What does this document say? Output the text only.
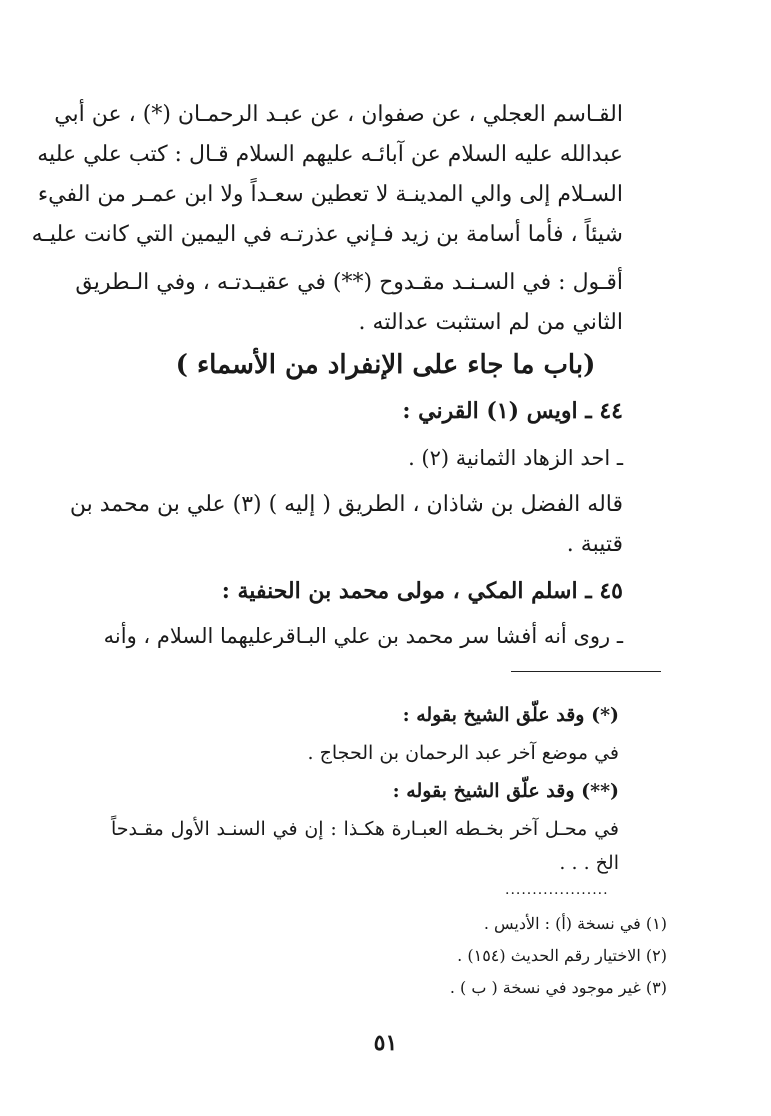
القـاسم العجلي ، عن صفوان ، عن عبـد الرحمـان (*) ، عن أبي
عبدالله عليه السلام عن آبائـه عليهم السلام قـال : كتب علي عليه
السـلام إلى والي المدينـة لا تعطين سعـداً ولا ابن عمـر من الفيء
شيئاً ، فأما أسامة بن زيد فـإني عذرتـه في اليمين التي كانت عليـه
أقـول : في السـنـد مقـدوح (**) في عقيـدتـه ، وفي الـطريق
الثاني من لم استثبت عدالته .
(باب ما جاء على الإنفراد من الأسماء )
٤٤ ـ اويس (١) القرني :
ـ احد الزهاد الثمانية (٢) .
قاله الفضل بن شاذان ، الطريق ( إليه ) (٣) علي بن محمد بن
قتيبة .
٤٥ ـ اسلم المكي ، مولى محمد بن الحنفية :
ـ روى أنه أفشا سر محمد بن علي البـاقرعليهما السلام ، وأنه
(*) وقد علّق الشيخ بقوله :
في موضع آخر عبد الرحمان بن الحجاج .
(**) وقد علّق الشيخ بقوله :
في محـل آخر بخـطه العبـارة هكـذا : إن في السنـد الأول مقـدحاً
الخ . . .
...................
(١) في نسخة (أ) : الأديس .
(٢) الاختيار رقم الحديث (١٥٤) .
(٣) غير موجود في نسخة ( ب ) .
٥١
